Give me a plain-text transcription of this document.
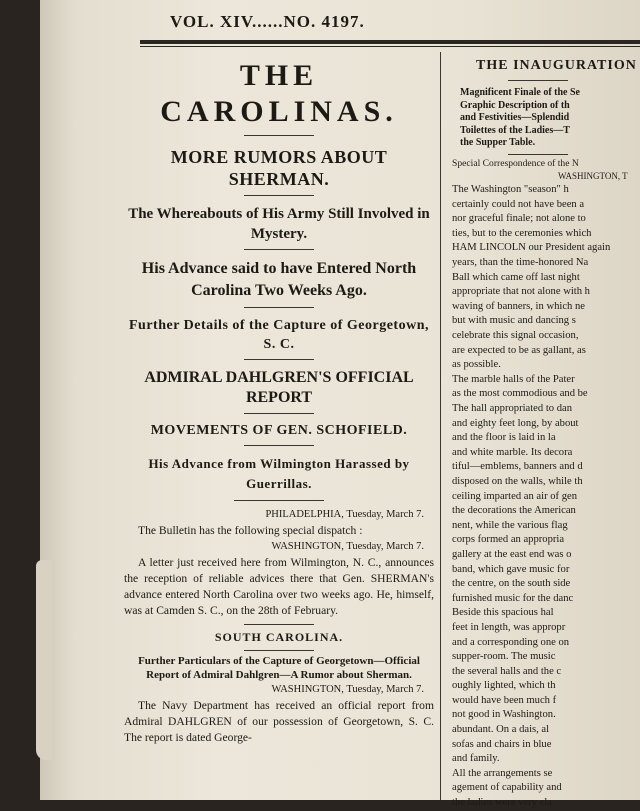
VOL. XIV......NO. 4197.
THE CAROLINAS.
MORE RUMORS ABOUT SHERMAN.
The Whereabouts of His Army Still Involved in Mystery.
His Advance said to have Entered North Carolina Two Weeks Ago.
Further Details of the Capture of Georgetown, S. C.
ADMIRAL DAHLGREN'S OFFICIAL REPORT
MOVEMENTS OF GEN. SCHOFIELD.
His Advance from Wilmington Harassed by Guerrillas.

PHILADELPHIA, Tuesday, March 7.

The Bulletin has the following special dispatch :

WASHINGTON, Tuesday, March 7.

A letter just received here from Wilmington, N. C., announces the reception of reliable advices there that Gen. SHERMAN's advance entered North Carolina over two weeks ago. He, himself, was at Camden S. C., on the 28th of February.

SOUTH CAROLINA.

Further Particulars of the Capture of Georgetown—Official Report of Admiral Dahlgren—A Rumor about Sherman.

WASHINGTON, Tuesday, March 7.

The Navy Department has received an official report from Admiral DAHLGREN of our possession of Georgetown, S. C. The report is dated George-

THE INAUGURATION
Magnificent Finale of the Se
Graphic Description of th
and Festivities—Splendid
Toilettes of the Ladies—T
the Supper Table.
Special Correspondence of the N
WASHINGTON, T

The Washington "season" h

certainly could not have been a

nor graceful finale; not alone to

ties, but to the ceremonies which

HAM LINCOLN our President again

years, than the time-honored Na

Ball which came off last night

appropriate that not alone with h

waving of banners, in which ne

but with music and dancing s

celebrate this signal occasion,

are expected to be as gallant, as

as possible.

The marble halls of the Pater

as the most commodious and be

The hall appropriated to dan

and eighty feet long, by about

and the floor is laid in la

and white marble. Its decora

tiful—emblems, banners and d

disposed on the walls, while th

ceiling imparted an air of gen

the decorations the American

nent, while the various flag

corps formed an appropria

gallery at the east end was o

band, which gave music for

the centre, on the south side

furnished music for the danc

Beside this spacious hal

feet in length, was appropr

and a corresponding one on

supper-room. The music

the several halls and the c

oughly lighted, which th

would have been much f

not good in Washington.

abundant. On a dais, al

sofas and chairs in blue

and family.

All the arrangements se

agement of capability and

the ladies were very ela
